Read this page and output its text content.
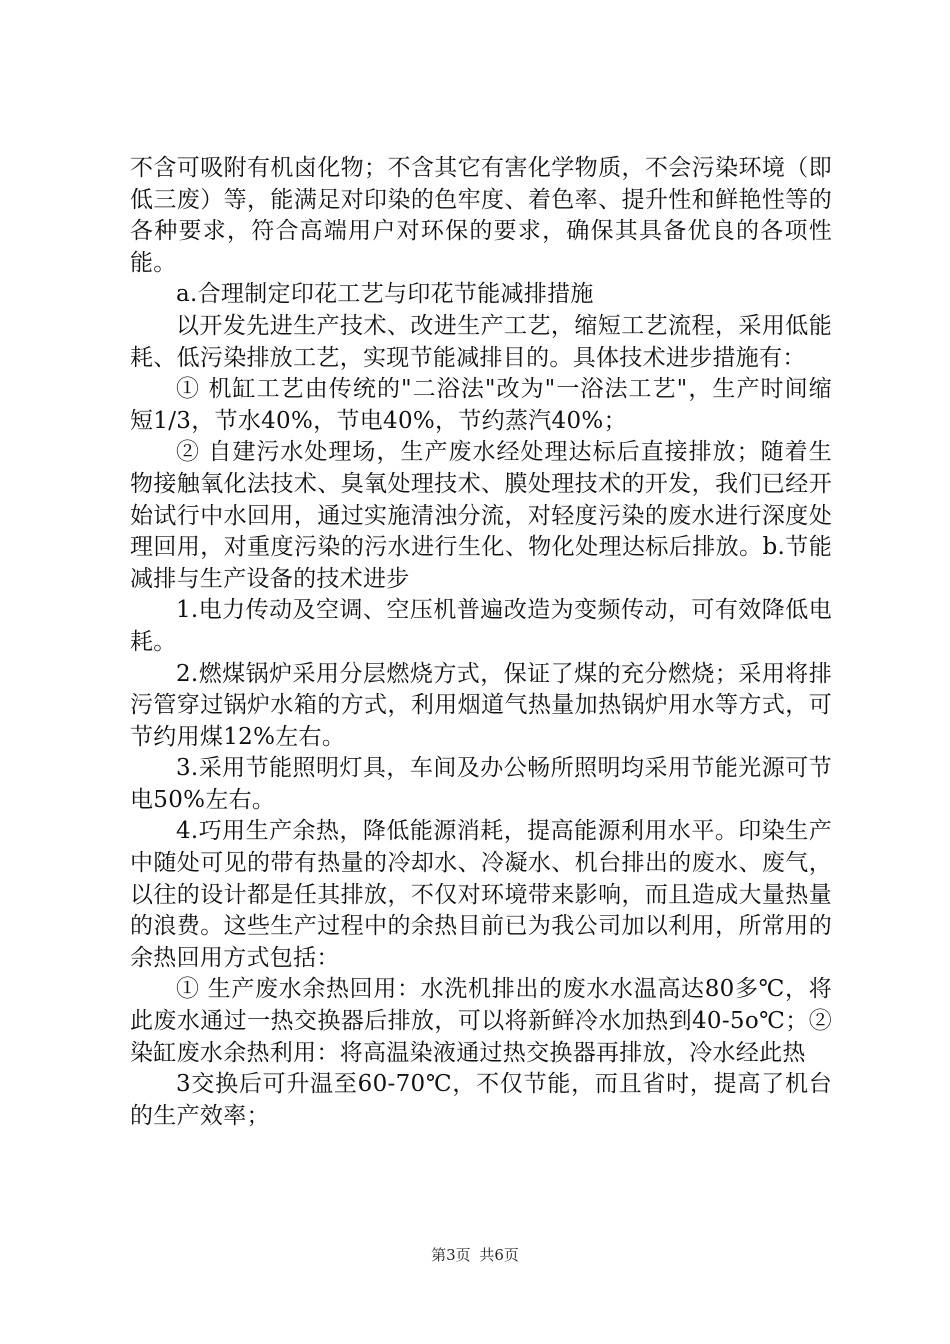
不含可吸附有机卤化物；不含其它有害化学物质，不会污染环境（即低三废）等，能满足对印染的色牢度、着色率、提升性和鲜艳性等的各种要求，符合高端用户对环保的要求，确保其具备优良的各项性能。

a.合理制定印花工艺与印花节能减排措施

以开发先进生产技术、改进生产工艺，缩短工艺流程，采用低能耗、低污染排放工艺，实现节能减排目的。具体技术进步措施有：

① 机缸工艺由传统的"二浴法"改为"一浴法工艺"，生产时间缩短1/3，节水40%，节电40%，节约蒸汽40%；

② 自建污水处理场，生产废水经处理达标后直接排放；随着生物接触氧化法技术、臭氧处理技术、膜处理技术的开发，我们已经开始试行中水回用，通过实施清浊分流，对轻度污染的废水进行深度处理回用，对重度污染的污水进行生化、物化处理达标后排放。b.节能减排与生产设备的技术进步

1.电力传动及空调、空压机普遍改造为变频传动，可有效降低电耗。

2.燃煤锅炉采用分层燃烧方式，保证了煤的充分燃烧；采用将排污管穿过锅炉水箱的方式，利用烟道气热量加热锅炉用水等方式，可节约用煤12%左右。

3.采用节能照明灯具，车间及办公畅所照明均采用节能光源可节电50%左右。

4.巧用生产余热，降低能源消耗，提高能源利用水平。印染生产中随处可见的带有热量的冷却水、冷凝水、机台排出的废水、废气，以往的设计都是任其排放，不仅对环境带来影响，而且造成大量热量的浪费。这些生产过程中的余热目前已为我公司加以利用，所常用的余热回用方式包括：

① 生产废水余热回用：水洗机排出的废水水温高达80多℃，将此废水通过一热交换器后排放，可以将新鲜冷水加热到40-5o℃；②染缸废水余热利用：将高温染液通过热交换器再排放，冷水经此热

3交换后可升温至60-70℃，不仅节能，而且省时，提高了机台的生产效率；

第3页 共6页
